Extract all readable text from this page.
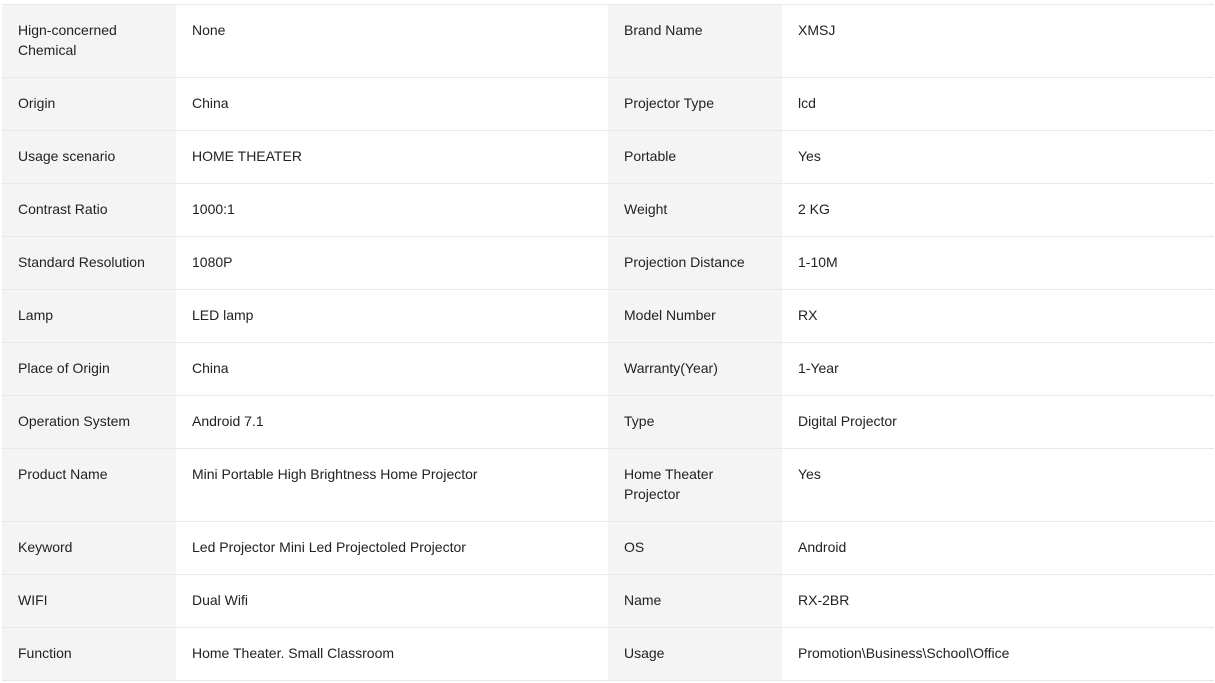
Hign-concerned Chemical	None	Brand Name	XMSJ
Origin	China	Projector Type	lcd
Usage scenario	HOME THEATER	Portable	Yes
Contrast Ratio	1000:1	Weight	2 KG
Standard Resolution	1080P	Projection Distance	1-10M
Lamp	LED lamp	Model Number	RX
Place of Origin	China	Warranty(Year)	1-Year
Operation System	Android 7.1	Type	Digital Projector
Product Name	Mini Portable High Brightness Home Projector	Home Theater Projector	Yes
Keyword	Led Projector Mini Led Projectoled Projector	OS	Android
WIFI	Dual Wifi	Name	RX-2BR
Function	Home Theater. Small Classroom	Usage	Promotion\Business\School\Office
